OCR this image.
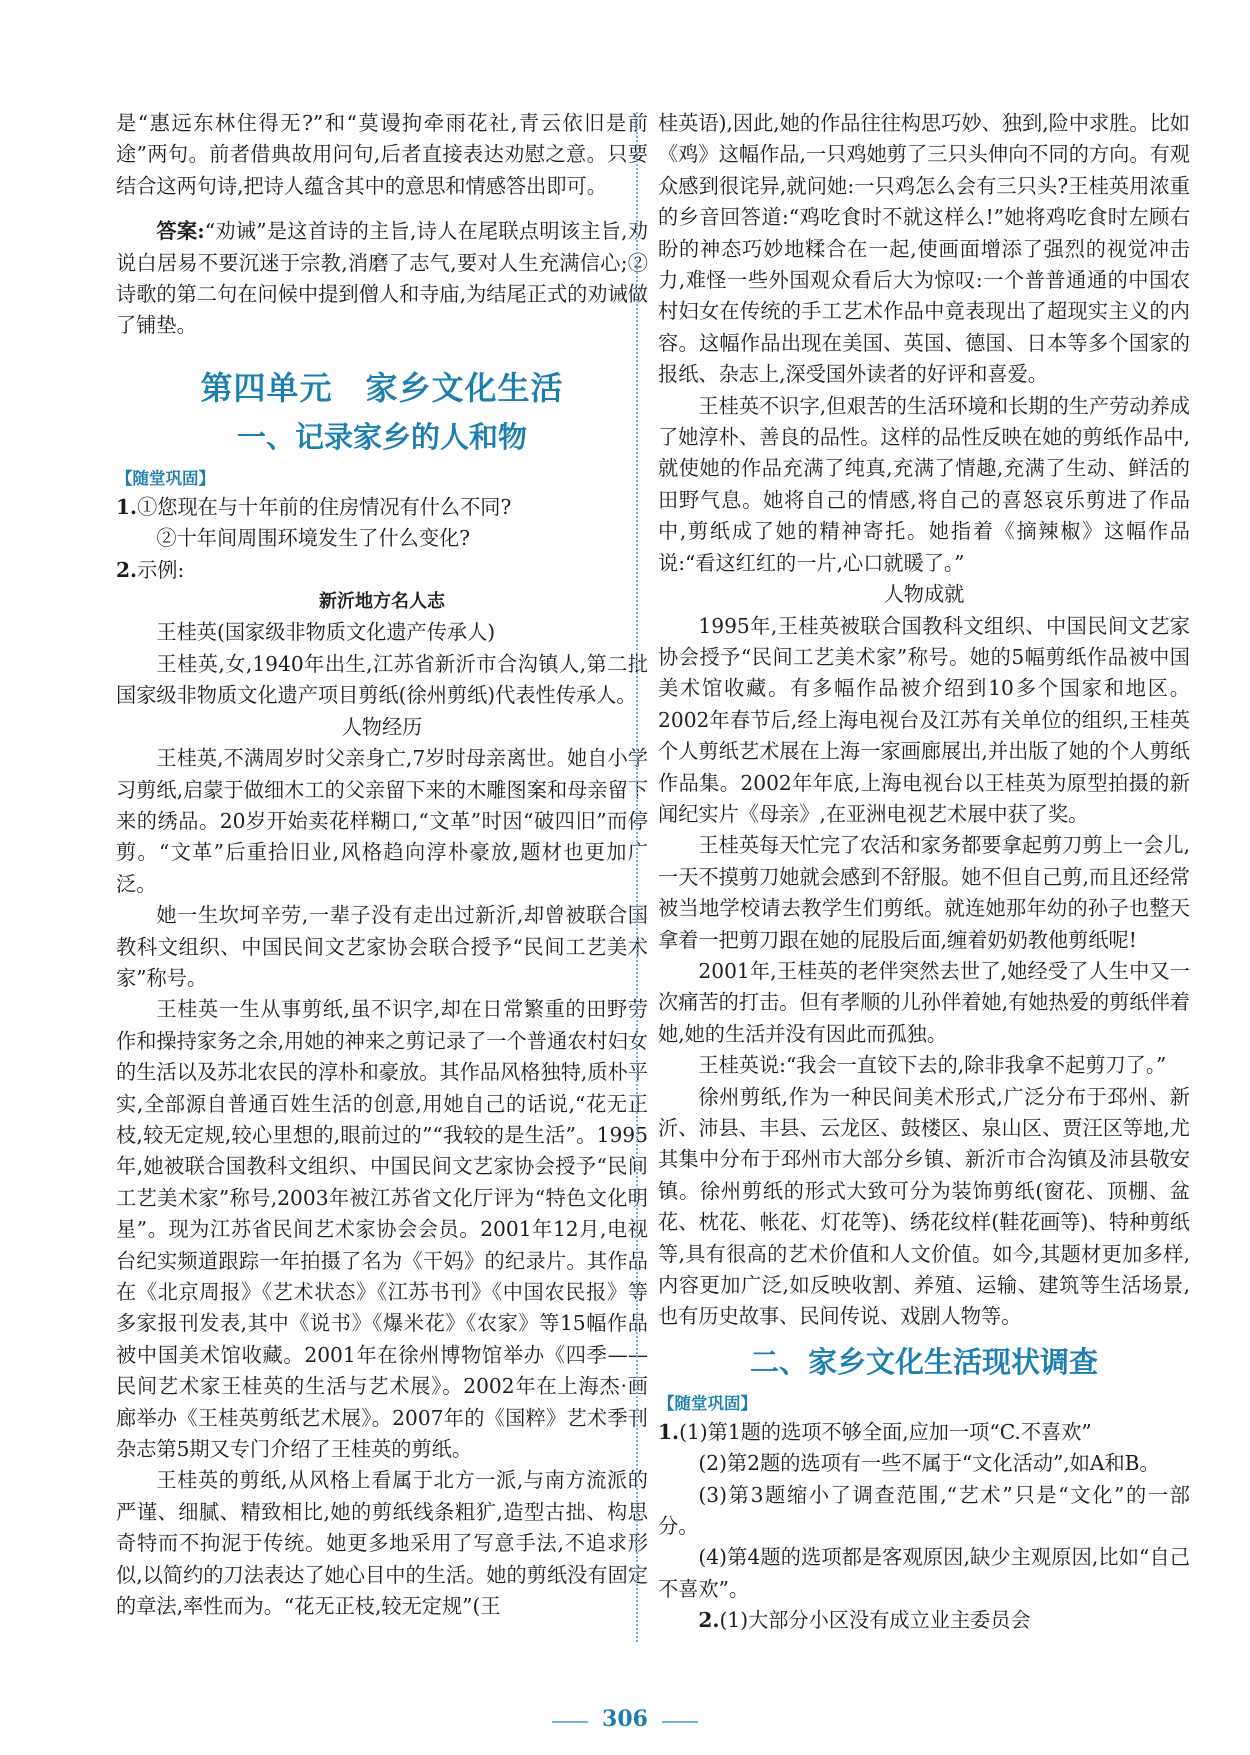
是“惠远东林住得无?”和“莫谩拘牵雨花社,青云依旧是前途”两句。前者借典故用问句,后者直接表达劝慰之意。只要结合这两句诗,把诗人蕴含其中的意思和情感答出即可。

答案:“劝诫”是这首诗的主旨,诗人在尾联点明该主旨,劝说白居易不要沉迷于宗教,消磨了志气,要对人生充满信心;②诗歌的第二句在问候中提到僧人和寺庙,为结尾正式的劝诫做了铺垫。

第四单元　家乡文化生活
一、记录家乡的人和物
【随堂巩固】

1.①您现在与十年前的住房情况有什么不同?

②十年间周围环境发生了什么变化?

2.示例:

新沂地方名人志

王桂英(国家级非物质文化遗产传承人)

王桂英,女,1940年出生,江苏省新沂市合沟镇人,第二批国家级非物质文化遗产项目剪纸(徐州剪纸)代表性传承人。

人物经历

王桂英,不满周岁时父亲身亡,7岁时母亲离世。她自小学习剪纸,启蒙于做细木工的父亲留下来的木雕图案和母亲留下来的绣品。20岁开始卖花样糊口,“文革”时因“破四旧”而停剪。“文革”后重拾旧业,风格趋向淳朴豪放,题材也更加广泛。

她一生坎坷辛劳,一辈子没有走出过新沂,却曾被联合国教科文组织、中国民间文艺家协会联合授予“民间工艺美术家”称号。

王桂英一生从事剪纸,虽不识字,却在日常繁重的田野劳作和操持家务之余,用她的神来之剪记录了一个普通农村妇女的生活以及苏北农民的淳朴和豪放。其作品风格独特,质朴平实,全部源自普通百姓生活的创意,用她自己的话说,“花无正枝,较无定规,较心里想的,眼前过的”“我较的是生活”。1995年,她被联合国教科文组织、中国民间文艺家协会授予“民间工艺美术家”称号,2003年被江苏省文化厅评为“特色文化明星”。现为江苏省民间艺术家协会会员。2001年12月,电视台纪实频道跟踪一年拍摄了名为《干妈》的纪录片。其作品在《北京周报》《艺术状态》《江苏书刊》《中国农民报》等多家报刊发表,其中《说书》《爆米花》《农家》等15幅作品被中国美术馆收藏。2001年在徐州博物馆举办《四季——民间艺术家王桂英的生活与艺术展》。2002年在上海杰·画廊举办《王桂英剪纸艺术展》。2007年的《国粹》艺术季刊杂志第5期又专门介绍了王桂英的剪纸。

王桂英的剪纸,从风格上看属于北方一派,与南方流派的严谨、细腻、精致相比,她的剪纸线条粗犷,造型古拙、构思奇特而不拘泥于传统。她更多地采用了写意手法,不追求形似,以简约的刀法表达了她心目中的生活。她的剪纸没有固定的章法,率性而为。“花无正枝,较无定规”(王

桂英语),因此,她的作品往往构思巧妙、独到,险中求胜。比如《鸡》这幅作品,一只鸡她剪了三只头伸向不同的方向。有观众感到很诧异,就问她:一只鸡怎么会有三只头?王桂英用浓重的乡音回答道:“鸡吃食时不就这样么!”她将鸡吃食时左顾右盼的神态巧妙地糅合在一起,使画面增添了强烈的视觉冲击力,难怪一些外国观众看后大为惊叹:一个普普通通的中国农村妇女在传统的手工艺术作品中竟表现出了超现实主义的内容。这幅作品出现在美国、英国、德国、日本等多个国家的报纸、杂志上,深受国外读者的好评和喜爱。

王桂英不识字,但艰苦的生活环境和长期的生产劳动养成了她淳朴、善良的品性。这样的品性反映在她的剪纸作品中,就使她的作品充满了纯真,充满了情趣,充满了生动、鲜活的田野气息。她将自己的情感,将自己的喜怒哀乐剪进了作品中,剪纸成了她的精神寄托。她指着《摘辣椒》这幅作品说:“看这红红的一片,心口就暖了。”

人物成就

1995年,王桂英被联合国教科文组织、中国民间文艺家协会授予“民间工艺美术家”称号。她的5幅剪纸作品被中国美术馆收藏。有多幅作品被介绍到10多个国家和地区。2002年春节后,经上海电视台及江苏有关单位的组织,王桂英个人剪纸艺术展在上海一家画廊展出,并出版了她的个人剪纸作品集。2002年年底,上海电视台以王桂英为原型拍摄的新闻纪实片《母亲》,在亚洲电视艺术展中获了奖。

王桂英每天忙完了农活和家务都要拿起剪刀剪上一会儿,一天不摸剪刀她就会感到不舒服。她不但自己剪,而且还经常被当地学校请去教学生们剪纸。就连她那年幼的孙子也整天拿着一把剪刀跟在她的屁股后面,缠着奶奶教他剪纸呢!

2001年,王桂英的老伴突然去世了,她经受了人生中又一次痛苦的打击。但有孝顺的儿孙伴着她,有她热爱的剪纸伴着她,她的生活并没有因此而孤独。

王桂英说:“我会一直铰下去的,除非我拿不起剪刀了。”

徐州剪纸,作为一种民间美术形式,广泛分布于邳州、新沂、沛县、丰县、云龙区、鼓楼区、泉山区、贾汪区等地,尤其集中分布于邳州市大部分乡镇、新沂市合沟镇及沛县敬安镇。徐州剪纸的形式大致可分为装饰剪纸(窗花、顶棚、盆花、枕花、帐花、灯花等)、绣花纹样(鞋花画等)、特种剪纸等,具有很高的艺术价值和人文价值。如今,其题材更加多样,内容更加广泛,如反映收割、养殖、运输、建筑等生活场景,也有历史故事、民间传说、戏剧人物等。

二、家乡文化生活现状调查
【随堂巩固】

1.(1)第1题的选项不够全面,应加一项“C.不喜欢”

(2)第2题的选项有一些不属于“文化活动”,如A和B。

(3)第3题缩小了调查范围,“艺术”只是“文化”的一部分。

(4)第4题的选项都是客观原因,缺少主观原因,比如“自己不喜欢”。

2.(1)大部分小区没有成立业主委员会

306
